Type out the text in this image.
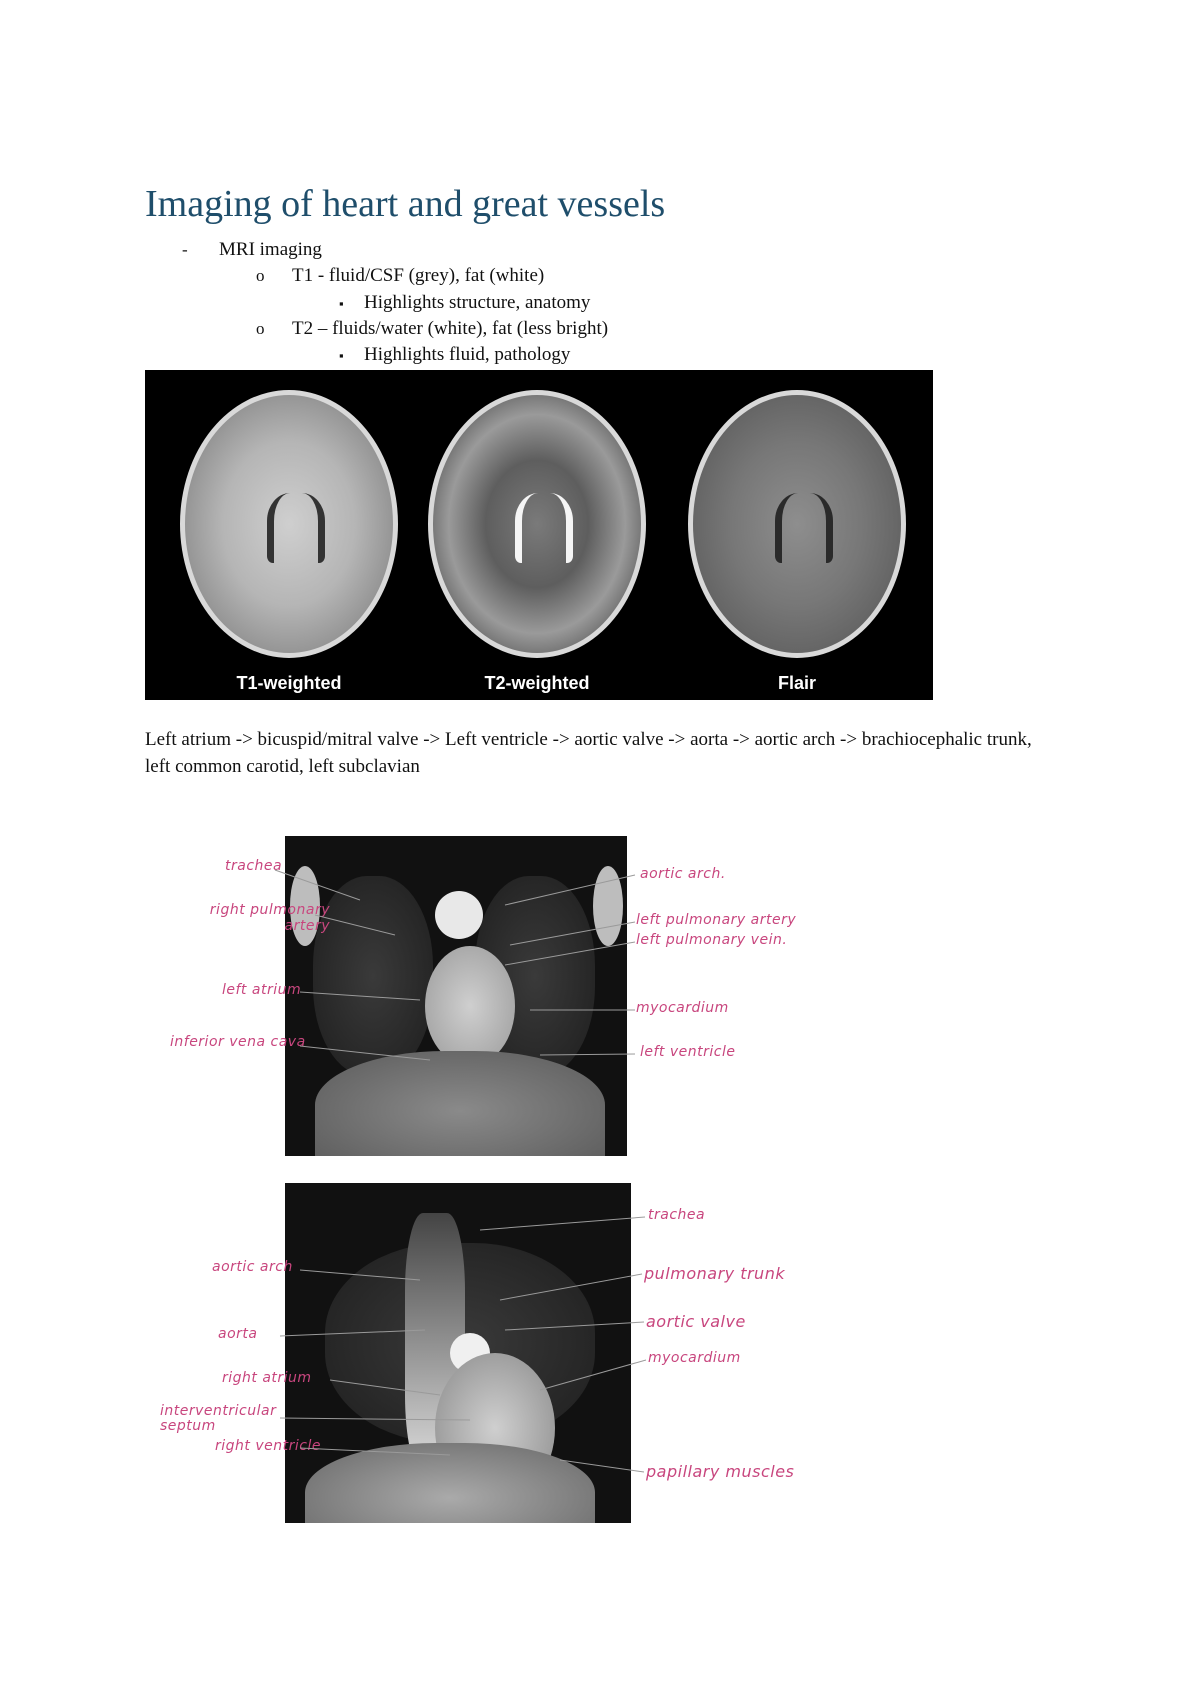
Imaging of heart and great vessels
- MRI imaging
o T1 - fluid/CSF (grey), fat (white)
▪ Highlights structure, anatomy
o T2 – fluids/water (white), fat (less bright)
▪ Highlights fluid, pathology
T1-weighted	T2-weighted	Flair
Left atrium -> bicuspid/mitral valve -> Left ventricle -> aortic valve -> aorta -> aortic arch -> brachiocephalic trunk, left common carotid, left subclavian
trachea
right pulmonary artery
left atrium
inferior vena cava
aortic arch.
left pulmonary artery
left pulmonary vein.
myocardium
left ventricle
aortic arch
aorta
right atrium
interventricular septum
right ventricle
trachea
pulmonary trunk
aortic valve
myocardium
papillary muscles
